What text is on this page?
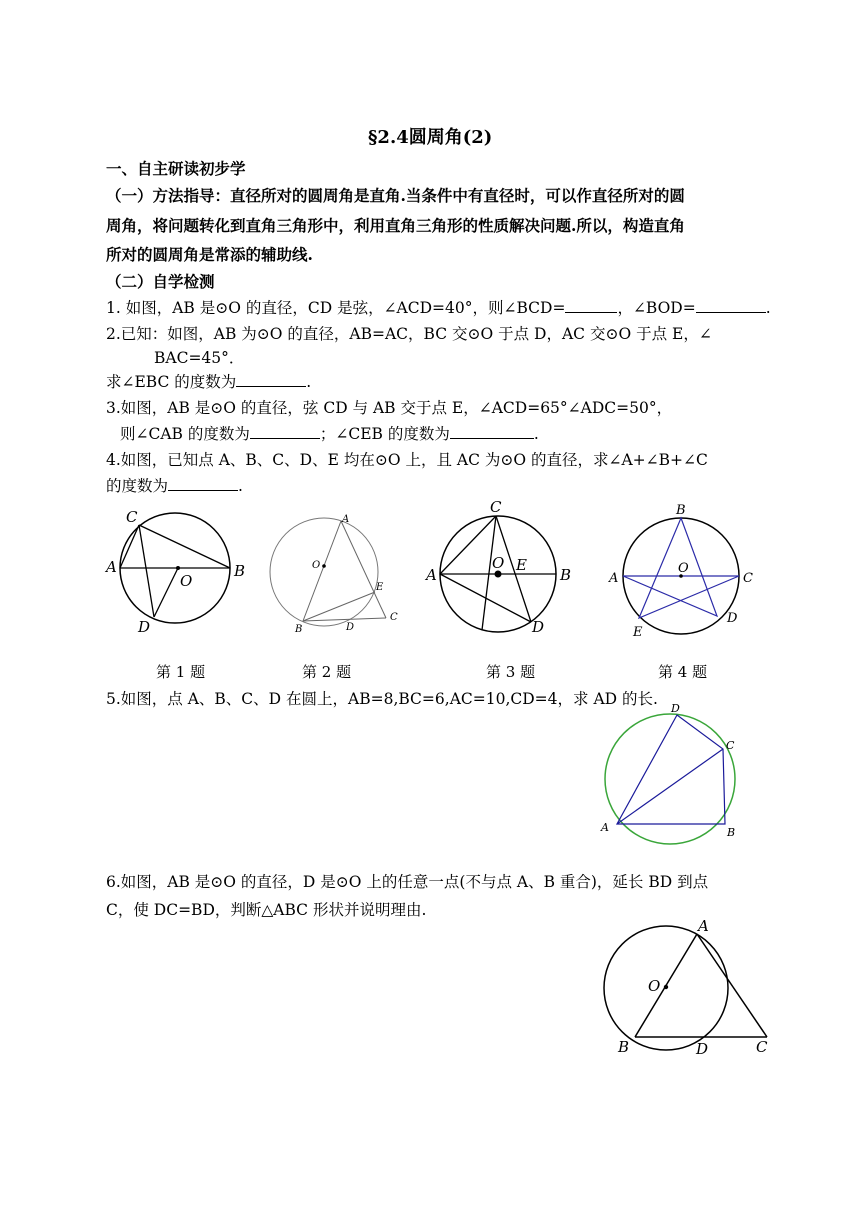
§2.4圆周角(2)
一、自主研读初步学
（一）方法指导：直径所对的圆周角是直角.当条件中有直径时，可以作直径所对的圆
周角，将问题转化到直角三角形中，利用直角三角形的性质解决问题.所以，构造直角
所对的圆周角是常添的辅助线.
（二）自学检测
1. 如图，AB 是⊙O 的直径，CD 是弦，∠ACD=40°，则∠BCD=	，∠BOD=	.
2.已知：如图，AB 为⊙O 的直径，AB=AC，BC 交⊙O 于点 D，AC 交⊙O 于点 E，∠
BAC=45°．
求∠EBC 的度数为	.
3.如图，AB 是⊙O 的直径，弦 CD 与 AB 交于点 E，∠ACD=65°∠ADC=50°，
则∠CAB 的度数为	；∠CEB 的度数为	.
4.如图，已知点 A、B、C、D、E 均在⊙O 上，且 AC 为⊙O 的直径，求∠A+∠B+∠C
的度数为	.
C
A
O
B
D
A
O
E
B	D
C
C
A
O E
B
D
B
A
O
C
E
D
第 1 题	第 2 题	第 3 题	第 4 题
5.如图，点 A、B、C、D 在圆上，AB=8,BC=6,AC=10,CD=4，求 AD 的长.
D
C
A	B
6.如图，AB 是⊙O 的直径，D 是⊙O 上的任意一点(不与点 A、B 重合)，延长 BD 到点
C，使 DC=BD，判断△ABC 形状并说明理由.
A
O
B	D	C
